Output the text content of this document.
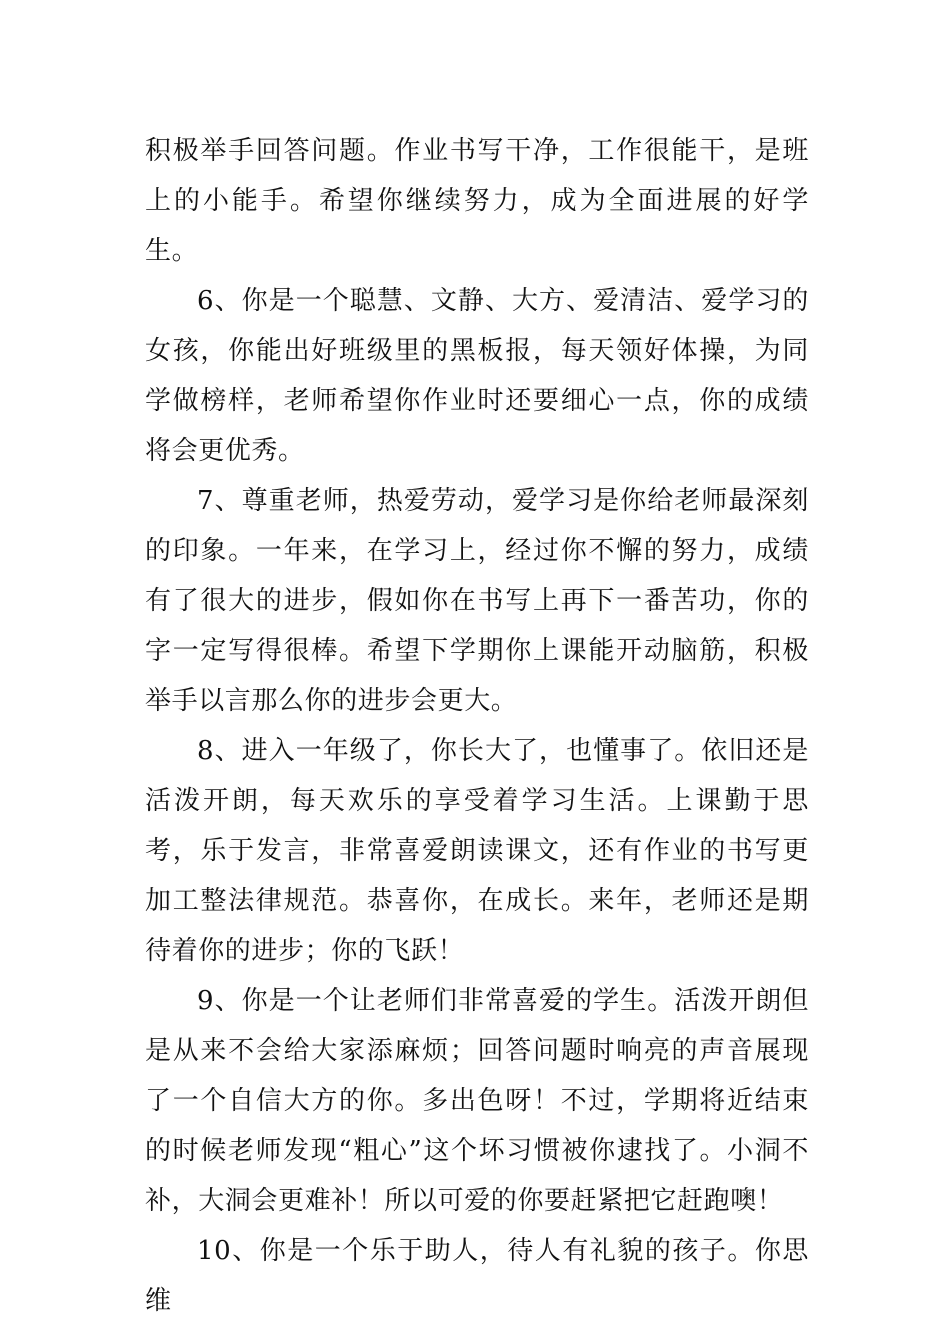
积极举手回答问题。作业书写干净，工作很能干，是班上的小能手。希望你继续努力，成为全面进展的好学生。

6、你是一个聪慧、文静、大方、爱清洁、爱学习的女孩，你能出好班级里的黑板报，每天领好体操，为同学做榜样，老师希望你作业时还要细心一点，你的成绩将会更优秀。

7、尊重老师，热爱劳动，爱学习是你给老师最深刻的印象。一年来，在学习上，经过你不懈的努力，成绩有了很大的进步，假如你在书写上再下一番苦功，你的字一定写得很棒。希望下学期你上课能开动脑筋，积极举手以言那么你的进步会更大。

8、进入一年级了，你长大了，也懂事了。依旧还是活泼开朗，每天欢乐的享受着学习生活。上课勤于思考，乐于发言，非常喜爱朗读课文，还有作业的书写更加工整法律规范。恭喜你，在成长。来年，老师还是期待着你的进步；你的飞跃！

9、你是一个让老师们非常喜爱的学生。活泼开朗但是从来不会给大家添麻烦；回答问题时响亮的声音展现了一个自信大方的你。多出色呀！不过，学期将近结束的时候老师发现“粗心”这个坏习惯被你逮找了。小洞不补，大洞会更难补！所以可爱的你要赶紧把它赶跑噢！

10、你是一个乐于助人，待人有礼貌的孩子。你思维
